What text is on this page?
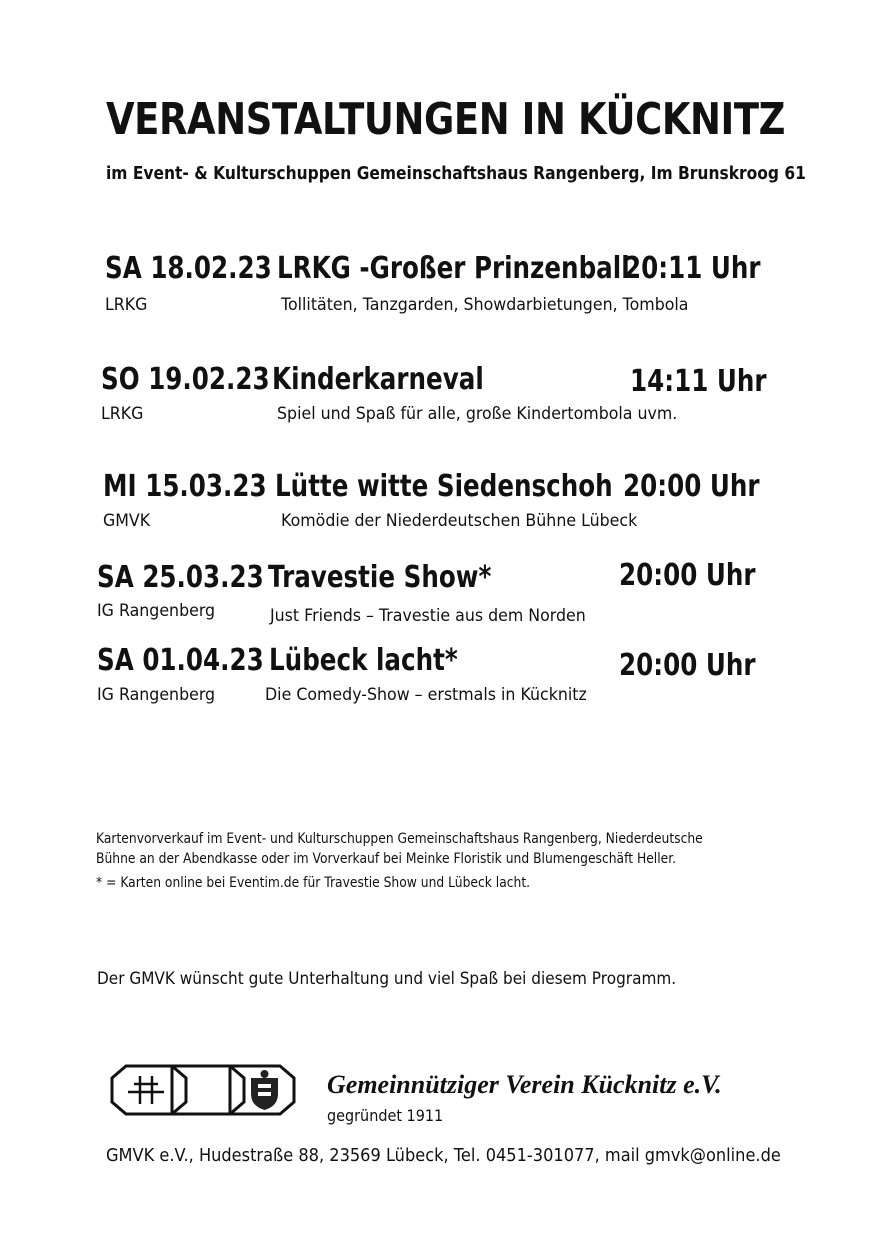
VERANSTALTUNGEN IN KÜCKNITZ
im Event- & Kulturschuppen Gemeinschaftshaus Rangenberg, Im Brunskroog 61
SA 18.02.23
LRKG
LRKG -Großer Prinzenball
Tollitäten, Tanzgarden, Showdarbietungen, Tombola
20:11 Uhr
SO 19.02.23
LRKG
Kinderkarneval
Spiel und Spaß für alle, große Kindertombola uvm.
14:11 Uhr
MI 15.03.23
GMVK
Lütte witte Siedenschoh
Komödie der Niederdeutschen Bühne Lübeck
20:00 Uhr
SA 25.03.23
IG Rangenberg
Travestie Show*
Just Friends – Travestie aus dem Norden
20:00 Uhr
SA 01.04.23
IG Rangenberg
Lübeck lacht*
Die Comedy-Show – erstmals in Kücknitz
20:00 Uhr
Kartenvorverkauf im Event- und Kulturschuppen Gemeinschaftshaus Rangenberg, Niederdeutsche
Bühne an der Abendkasse oder im Vorverkauf bei Meinke Floristik und Blumengeschäft Heller.
* = Karten online bei Eventim.de für Travestie Show und Lübeck lacht.
Der GMVK wünscht gute Unterhaltung und viel Spaß bei diesem Programm.
Gemeinnütziger Verein Kücknitz e.V.
gegründet 1911
GMVK e.V., Hudestraße 88, 23569 Lübeck, Tel. 0451-301077, mail gmvk@online.de
